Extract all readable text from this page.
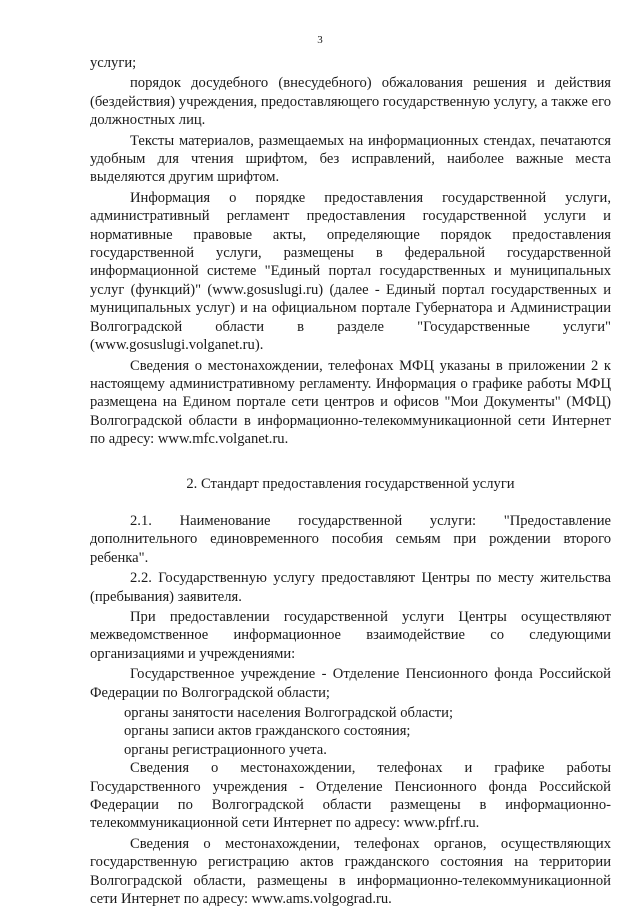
3

услуги;

порядок досудебного (внесудебного) обжалования решения и действия (бездействия) учреждения, предоставляющего государственную услугу, а также его должностных лиц.

Тексты материалов, размещаемых на информационных стендах, печатаются удобным для чтения шрифтом, без исправлений, наиболее важные места выделяются другим шрифтом.

Информация о порядке предоставления государственной услуги, административный регламент предоставления государственной услуги и нормативные правовые акты, определяющие порядок предоставления государственной услуги, размещены в федеральной государственной информационной системе "Единый портал государственных и муниципальных услуг (функций)" (www.gosuslugi.ru) (далее - Единый портал государственных и муниципальных услуг) и на официальном портале Губернатора и Администрации Волгоградской области в разделе "Государственные услуги" (www.gosuslugi.volganet.ru).

Сведения о местонахождении, телефонах МФЦ указаны в приложении 2 к настоящему административному регламенту. Информация о графике работы МФЦ размещена на Едином портале сети центров и офисов "Мои Документы" (МФЦ) Волгоградской области в информационно-телекоммуникационной сети Интернет по адресу: www.mfc.volganet.ru.

2. Стандарт предоставления государственной услуги

2.1. Наименование государственной услуги: "Предоставление дополнительного единовременного пособия семьям при рождении второго ребенка".

2.2. Государственную услугу предоставляют Центры по месту жительства (пребывания) заявителя.

При предоставлении государственной услуги Центры осуществляют межведомственное информационное взаимодействие со следующими организациями и учреждениями:

Государственное учреждение - Отделение Пенсионного фонда Российской Федерации по Волгоградской области;

органы занятости населения Волгоградской области;

органы записи актов гражданского состояния;

органы регистрационного учета.

Сведения о местонахождении, телефонах и графике работы Государственного учреждения - Отделение Пенсионного фонда Российской Федерации по Волгоградской области размещены в информационно-телекоммуникационной сети Интернет по адресу: www.pfrf.ru.

Сведения о местонахождении, телефонах органов, осуществляющих государственную регистрацию актов гражданского состояния на территории Волгоградской области, размещены в информационно-телекоммуникационной сети Интернет по адресу: www.ams.volgograd.ru.
